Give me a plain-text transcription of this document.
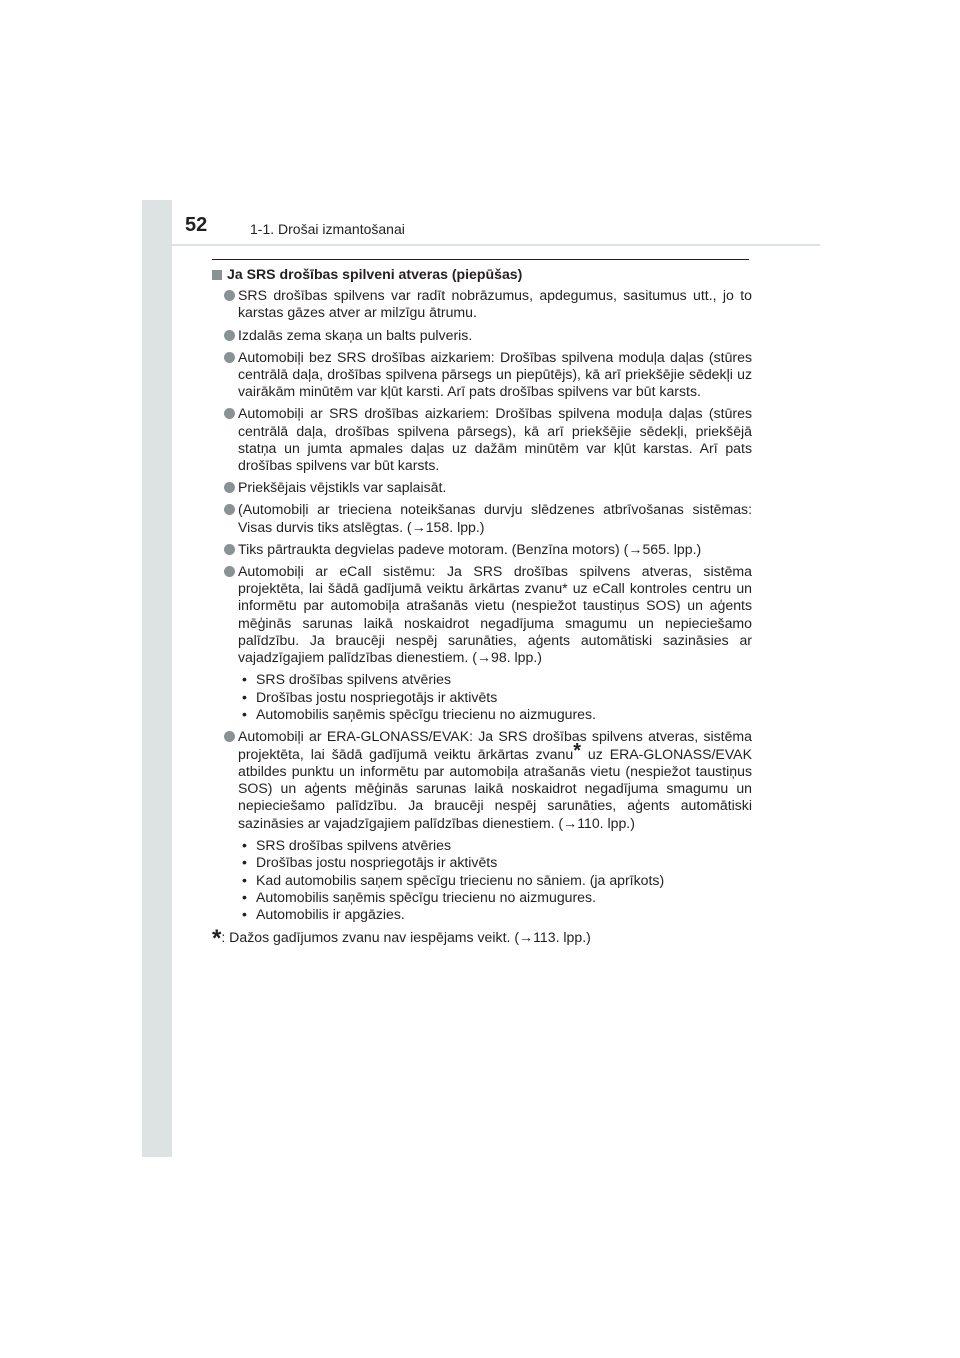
52	1-1. Drošai izmantošanai
Ja SRS drošības spilveni atveras (piepūšas)
SRS drošības spilvens var radīt nobrāzumus, apdegumus, sasitumus utt., jo to karstas gāzes atver ar milzīgu ātrumu.
Izdalās zema skaņa un balts pulveris.
Automobiļi bez SRS drošības aizkariem: Drošības spilvena moduļa daļas (stūres centrālā daļa, drošības spilvena pārsegs un piepūtējs), kā arī priekšējie sēdekļi uz vairākām minūtēm var kļūt karsti. Arī pats drošības spilvens var būt karsts.
Automobiļi ar SRS drošības aizkariem: Drošības spilvena moduļa daļas (stūres centrālā daļa, drošības spilvena pārsegs), kā arī priekšējie sēdekļi, priekšējā statņa un jumta apmales daļas uz dažām minūtēm var kļūt karstas. Arī pats drošības spilvens var būt karsts.
Priekšējais vējstikls var saplaisāt.
(Automobiļi ar trieciena noteikšanas durvju slēdzenes atbrīvošanas sistēmas: Visas durvis tiks atslēgtas. (→158. lpp.)
Tiks pārtraukta degvielas padeve motoram. (Benzīna motors) (→565. lpp.)
Automobiļi ar eCall sistēmu: Ja SRS drošības spilvens atveras, sistēma projektēta, lai šādā gadījumā veiktu ārkārtas zvanu* uz eCall kontroles centru un informētu par automobiļa atrašanās vietu (nespiežot taustiņus SOS) un aģents mēģinās sarunas laikā noskaidrot negadījuma smagumu un nepieciešamo palīdzību. Ja braucēji nespēj sarunāties, aģents automātiski sazināsies ar vajadzīgajiem palīdzības dienestiem. (→98. lpp.)
• SRS drošības spilvens atvēries
• Drošības jostu nospriegotājs ir aktivēts
• Automobilis saņēmis spēcīgu triecienu no aizmugures.
Automobiļi ar ERA-GLONASS/EVAK: Ja SRS drošības spilvens atveras, sistēma projektēta, lai šādā gadījumā veiktu ārkārtas zvanu* uz ERA-GLONASS/EVAK atbildes punktu un informētu par automobiļa atrašanās vietu (nespiežot taustiņus SOS) un aģents mēģinās sarunas laikā noskaidrot negadījuma smagumu un nepieciešamo palīdzību. Ja braucēji nespēj sarunāties, aģents automātiski sazināsies ar vajadzīgajiem palīdzības dienestiem. (→110. lpp.)
• SRS drošības spilvens atvēries
• Drošības jostu nospriegotājs ir aktivēts
• Kad automobilis saņem spēcīgu triecienu no sāniem. (ja aprīkots)
• Automobilis saņēmis spēcīgu triecienu no aizmugures.
• Automobilis ir apgāzies.
* : Dažos gadījumos zvanu nav iespējams veikt. (→113. lpp.)
